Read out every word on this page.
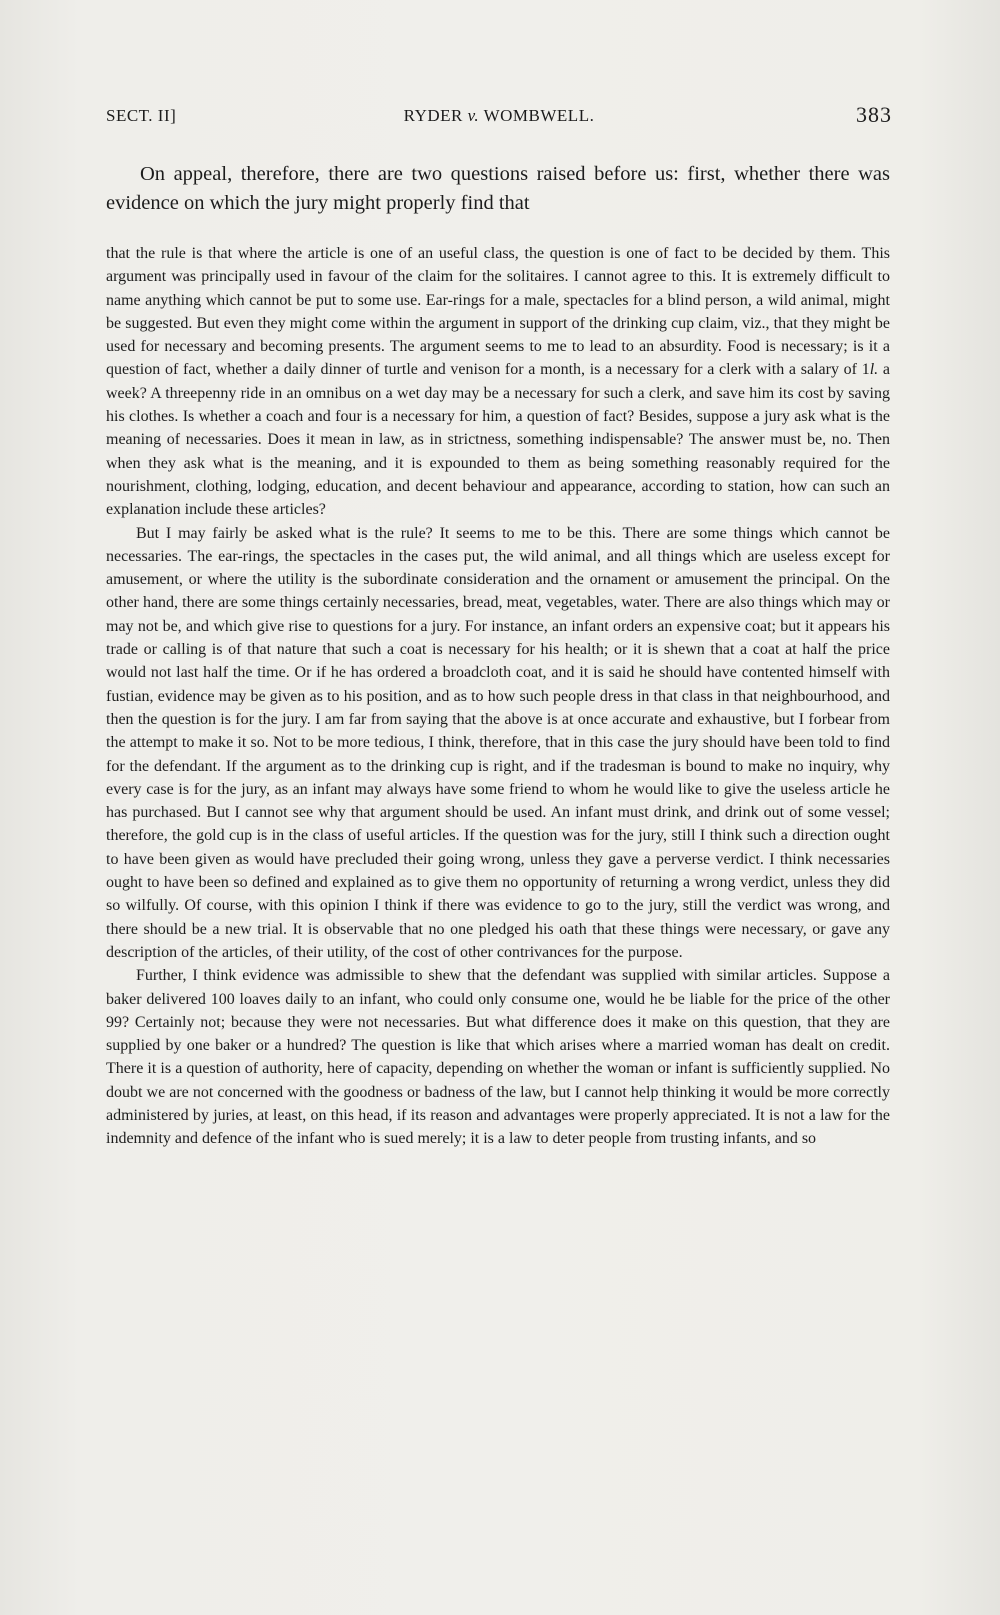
SECT. II]	RYDER v. WOMBWELL.	383

On appeal, therefore, there are two questions raised before us: first, whether there was evidence on which the jury might properly find that

that the rule is that where the article is one of an useful class, the question is one of fact to be decided by them. This argument was principally used in favour of the claim for the solitaires. I cannot agree to this. It is extremely difficult to name anything which cannot be put to some use. Ear-rings for a male, spectacles for a blind person, a wild animal, might be suggested. But even they might come within the argument in support of the drinking cup claim, viz., that they might be used for necessary and becoming presents. The argument seems to me to lead to an absurdity. Food is necessary; is it a question of fact, whether a daily dinner of turtle and venison for a month, is a necessary for a clerk with a salary of 1l. a week? A threepenny ride in an omnibus on a wet day may be a necessary for such a clerk, and save him its cost by saving his clothes. Is whether a coach and four is a necessary for him, a question of fact? Besides, suppose a jury ask what is the meaning of necessaries. Does it mean in law, as in strictness, something indispensable? The answer must be, no. Then when they ask what is the meaning, and it is expounded to them as being something reasonably required for the nourishment, clothing, lodging, education, and decent behaviour and appearance, according to station, how can such an explanation include these articles?

But I may fairly be asked what is the rule? It seems to me to be this. There are some things which cannot be necessaries. The ear-rings, the spectacles in the cases put, the wild animal, and all things which are useless except for amusement, or where the utility is the subordinate consideration and the ornament or amusement the principal. On the other hand, there are some things certainly necessaries, bread, meat, vegetables, water. There are also things which may or may not be, and which give rise to questions for a jury. For instance, an infant orders an expensive coat; but it appears his trade or calling is of that nature that such a coat is necessary for his health; or it is shewn that a coat at half the price would not last half the time. Or if he has ordered a broadcloth coat, and it is said he should have contented himself with fustian, evidence may be given as to his position, and as to how such people dress in that class in that neighbourhood, and then the question is for the jury. I am far from saying that the above is at once accurate and exhaustive, but I forbear from the attempt to make it so. Not to be more tedious, I think, therefore, that in this case the jury should have been told to find for the defendant. If the argument as to the drinking cup is right, and if the tradesman is bound to make no inquiry, why every case is for the jury, as an infant may always have some friend to whom he would like to give the useless article he has purchased. But I cannot see why that argument should be used. An infant must drink, and drink out of some vessel; therefore, the gold cup is in the class of useful articles. If the question was for the jury, still I think such a direction ought to have been given as would have precluded their going wrong, unless they gave a perverse verdict. I think necessaries ought to have been so defined and explained as to give them no opportunity of returning a wrong verdict, unless they did so wilfully. Of course, with this opinion I think if there was evidence to go to the jury, still the verdict was wrong, and there should be a new trial. It is observable that no one pledged his oath that these things were necessary, or gave any description of the articles, of their utility, of the cost of other contrivances for the purpose.

Further, I think evidence was admissible to shew that the defendant was supplied with similar articles. Suppose a baker delivered 100 loaves daily to an infant, who could only consume one, would he be liable for the price of the other 99? Certainly not; because they were not necessaries. But what difference does it make on this question, that they are supplied by one baker or a hundred? The question is like that which arises where a married woman has dealt on credit. There it is a question of authority, here of capacity, depending on whether the woman or infant is sufficiently supplied. No doubt we are not concerned with the goodness or badness of the law, but I cannot help thinking it would be more correctly administered by juries, at least, on this head, if its reason and advantages were properly appreciated. It is not a law for the indemnity and defence of the infant who is sued merely; it is a law to deter people from trusting infants, and so
